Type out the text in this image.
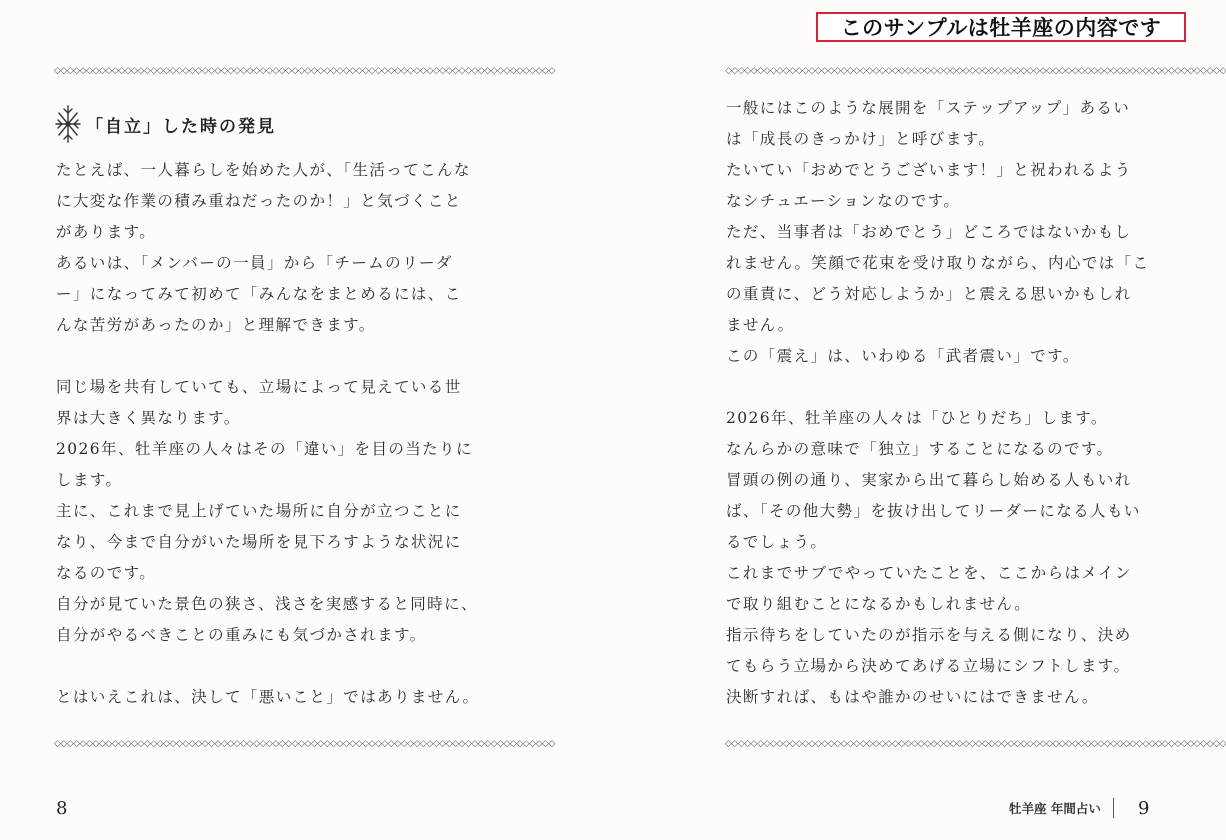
このサンプルは牡羊座の内容です
◇◇◇◇◇◇◇◇◇◇◇◇◇◇◇◇◇◇◇◇◇◇◇◇◇◇◇◇◇◇◇◇◇◇◇◇◇◇◇◇◇◇◇◇◇◇◇◇◇◇◇◇◇◇◇◇◇◇◇◇◇◇◇◇◇◇◇◇◇◇◇◇◇◇◇◇◇◇
「自立」した時の発見
たとえば、一人暮らしを始めた人が、「生活ってこんな
に大変な作業の積み重ねだったのか！」と気づくこと
があります。
あるいは、「メンバーの一員」から「チームのリーダ
ー」になってみて初めて「みんなをまとめるには、こ
んな苦労があったのか」と理解できます。
同じ場を共有していても、立場によって見えている世
界は大きく異なります。
2026年、牡羊座の人々はその「違い」を目の当たりに
します。
主に、これまで見上げていた場所に自分が立つことに
なり、今まで自分がいた場所を見下ろすような状況に
なるのです。
自分が見ていた景色の狭さ、浅さを実感すると同時に、
自分がやるべきことの重みにも気づかされます。
とはいえこれは、決して「悪いこと」ではありません。
◇◇◇◇◇◇◇◇◇◇◇◇◇◇◇◇◇◇◇◇◇◇◇◇◇◇◇◇◇◇◇◇◇◇◇◇◇◇◇◇◇◇◇◇◇◇◇◇◇◇◇◇◇◇◇◇◇◇◇◇◇◇◇◇◇◇◇◇◇◇◇◇◇◇◇◇◇◇
8
◇◇◇◇◇◇◇◇◇◇◇◇◇◇◇◇◇◇◇◇◇◇◇◇◇◇◇◇◇◇◇◇◇◇◇◇◇◇◇◇◇◇◇◇◇◇◇◇◇◇◇◇◇◇◇◇◇◇◇◇◇◇◇◇◇◇◇◇◇◇◇◇◇◇◇◇◇◇
一般にはこのような展開を「ステップアップ」あるい
は「成長のきっかけ」と呼びます。
たいてい「おめでとうございます！」と祝われるよう
なシチュエーションなのです。
ただ、当事者は「おめでとう」どころではないかもし
れません。笑顔で花束を受け取りながら、内心では「こ
の重責に、どう対応しようか」と震える思いかもしれ
ません。
この「震え」は、いわゆる「武者震い」です。
2026年、牡羊座の人々は「ひとりだち」します。
なんらかの意味で「独立」することになるのです。
冒頭の例の通り、実家から出て暮らし始める人もいれ
ば、「その他大勢」を抜け出してリーダーになる人もい
るでしょう。
これまでサブでやっていたことを、ここからはメイン
で取り組むことになるかもしれません。
指示待ちをしていたのが指示を与える側になり、決め
てもらう立場から決めてあげる立場にシフトします。
決断すれば、もはや誰かのせいにはできません。
◇◇◇◇◇◇◇◇◇◇◇◇◇◇◇◇◇◇◇◇◇◇◇◇◇◇◇◇◇◇◇◇◇◇◇◇◇◇◇◇◇◇◇◇◇◇◇◇◇◇◇◇◇◇◇◇◇◇◇◇◇◇◇◇◇◇◇◇◇◇◇◇◇◇◇◇◇◇
牡羊座 年間占い 9
